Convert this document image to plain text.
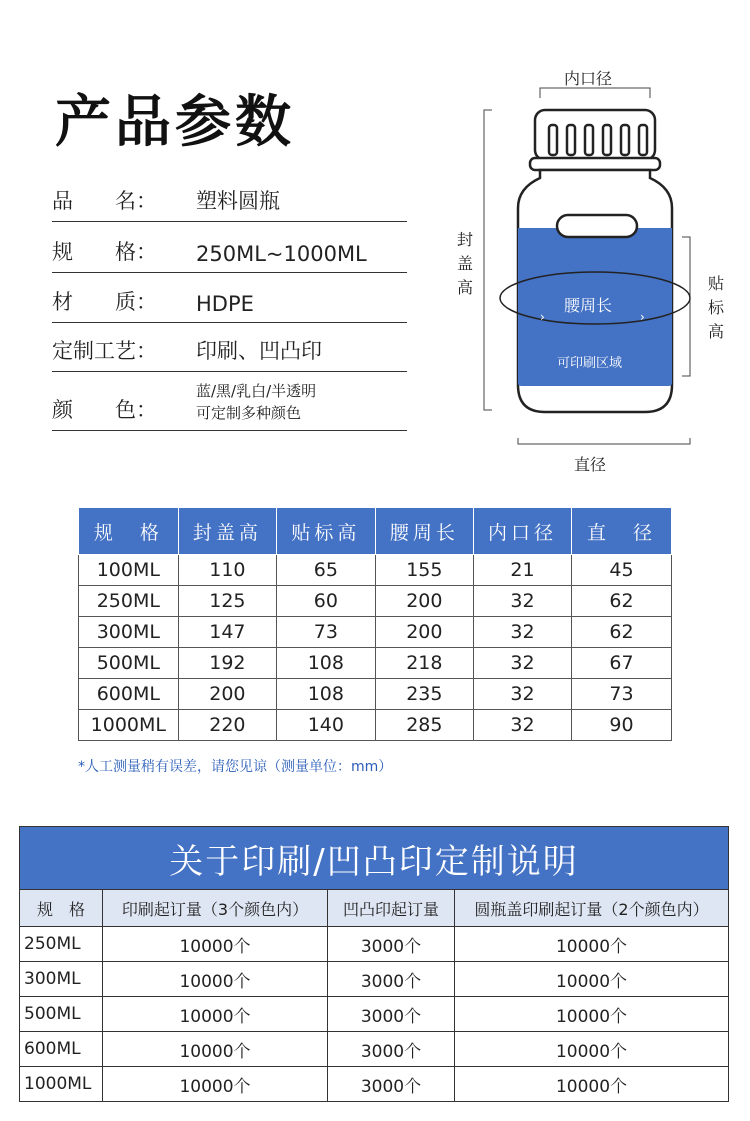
产品参数
品　　名： 塑料圆瓶
规　　格： 250ML~1000ML
材　　质： HDPE
定制工艺： 印刷、凹凸印
颜　　色：
蓝/黑/乳白/半透明
可定制多种颜色
›	›
内口径
封
盖
高	贴
标
高
腰周长
可印刷区域
直径
规　格	封盖高	贴标高	腰周长	内口径	直　径
100ML	110	65	155	21	45
250ML	125	60	200	32	62
300ML	147	73	200	32	62
500ML	192	108	218	32	67
600ML	200	108	235	32	73
1000ML	220	140	285	32	90
*人工测量稍有误差，请您见谅（测量单位：mm）
关于印刷/凹凸印定制说明			
规　格	印刷起订量（3个颜色内）	凹凸印起订量	圆瓶盖印刷起订量（2个颜色内）
250ML	10000个	3000个	10000个
300ML	10000个	3000个	10000个
500ML	10000个	3000个	10000个
600ML	10000个	3000个	10000个
1000ML	10000个	3000个	10000个
